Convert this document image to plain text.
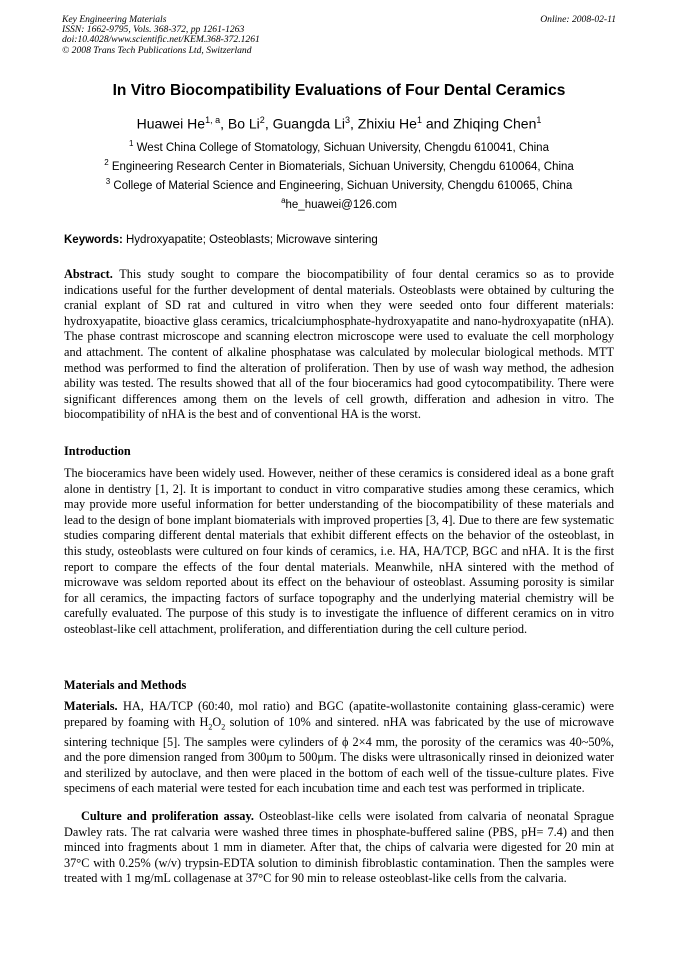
Key Engineering Materials
ISSN: 1662-9795, Vols. 368-372, pp 1261-1263
doi:10.4028/www.scientific.net/KEM.368-372.1261
© 2008 Trans Tech Publications Ltd, Switzerland
Online: 2008-02-11
In Vitro Biocompatibility Evaluations of Four Dental Ceramics
Huawei He$^{1, a}$, Bo Li$^2$, Guangda Li$^3$, Zhixiu He$^1$ and Zhiqing Chen$^1$
$^1$ West China College of Stomatology, Sichuan University, Chengdu 610041, China
$^2$ Engineering Research Center in Biomaterials, Sichuan University, Chengdu 610064, China
$^3$ College of Material Science and Engineering, Sichuan University, Chengdu 610065, China
$^a$he_huawei@126.com
Keywords: Hydroxyapatite; Osteoblasts; Microwave sintering
Abstract. This study sought to compare the biocompatibility of four dental ceramics so as to provide indications useful for the further development of dental materials. Osteoblasts were obtained by culturing the cranial explant of SD rat and cultured in vitro when they were seeded onto four different materials: hydroxyapatite, bioactive glass ceramics, tricalciumphosphate-hydroxyapatite and nano-hydroxyapatite (nHA). The phase contrast microscope and scanning electron microscope were used to evaluate the cell morphology and attachment. The content of alkaline phosphatase was calculated by molecular biological methods. MTT method was performed to find the alteration of proliferation. Then by use of wash way method, the adhesion ability was tested. The results showed that all of the four bioceramics had good cytocompatibility. There were significant differences among them on the levels of cell growth, differation and adhesion in vitro. The biocompatibility of nHA is the best and of conventional HA is the worst.
Introduction
The bioceramics have been widely used. However, neither of these ceramics is considered ideal as a bone graft alone in dentistry [1, 2]. It is important to conduct in vitro comparative studies among these ceramics, which may provide more useful information for better understanding of the biocompatibility of these materials and lead to the design of bone implant biomaterials with improved properties [3, 4]. Due to there are few systematic studies comparing different dental materials that exhibit different effects on the behavior of the osteoblast, in this study, osteoblasts were cultured on four kinds of ceramics, i.e. HA, HA/TCP, BGC and nHA. It is the first report to compare the effects of the four dental materials. Meanwhile, nHA sintered with the method of microwave was seldom reported about its effect on the behaviour of osteoblast. Assuming porosity is similar for all ceramics, the impacting factors of surface topography and the underlying material chemistry will be carefully evaluated. The purpose of this study is to investigate the influence of different ceramics on in vitro osteoblast-like cell attachment, proliferation, and differentiation during the cell culture period.
Materials and Methods
Materials. HA, HA/TCP (60:40, mol ratio) and BGC (apatite-wollastonite containing glass-ceramic) were prepared by foaming with $H_2O_2$ solution of 10% and sintered. nHA was fabricated by the use of microwave sintering technique [5]. The samples were cylinders of ϕ 2×4 mm, the porosity of the ceramics was 40~50%, and the pore dimension ranged from 300μm to 500μm. The disks were ultrasonically rinsed in deionized water and sterilized by autoclave, and then were placed in the bottom of each well of the tissue-culture plates. Five specimens of each material were tested for each incubation time and each test was performed in triplicate.
Culture and proliferation assay. Osteoblast-like cells were isolated from calvaria of neonatal Sprague Dawley rats. The rat calvaria were washed three times in phosphate-buffered saline (PBS, pH= 7.4) and then minced into fragments about 1 mm in diameter. After that, the chips of calvaria were digested for 20 min at 37°C with 0.25% (w/v) trypsin-EDTA solution to diminish fibroblastic contamination. Then the samples were treated with 1 mg/mL collagenase at 37°C for 90 min to release osteoblast-like cells from the calvaria.
